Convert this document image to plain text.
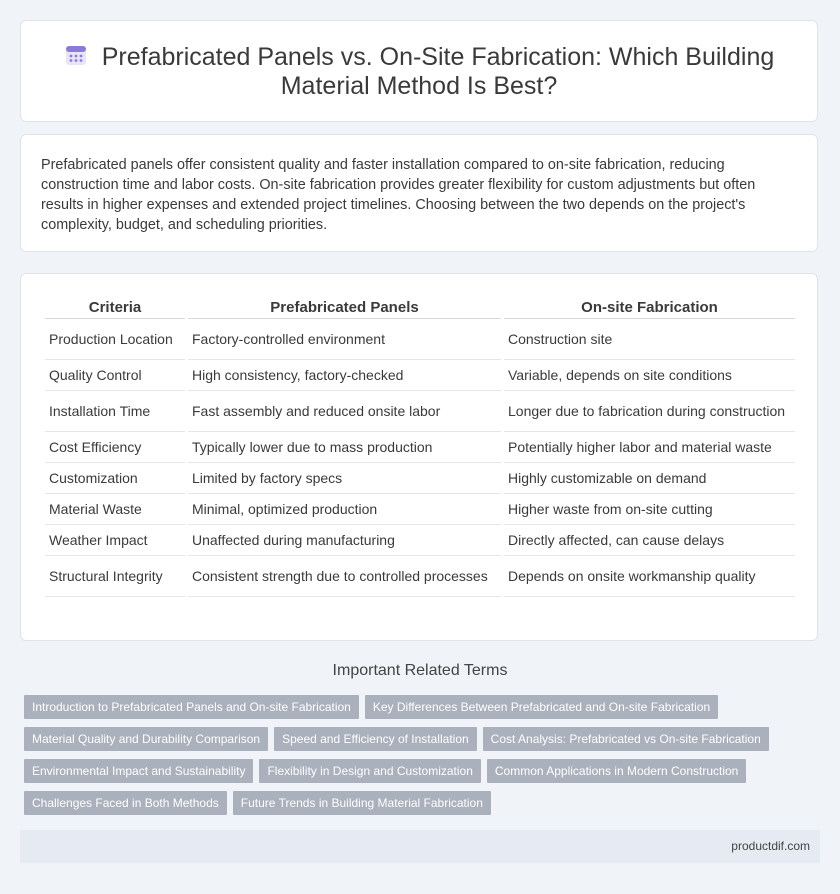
Prefabricated Panels vs. On-Site Fabrication: Which Building
Material Method Is Best?

Prefabricated panels offer consistent quality and faster installation compared to on-site fabrication, reducing construction time and labor costs. On-site fabrication provides greater flexibility for custom adjustments but often results in higher expenses and extended project timelines. Choosing between the two depends on the project's complexity, budget, and scheduling priorities.

Criteria	Prefabricated Panels	On-site Fabrication
Production Location	Factory-controlled environment	Construction site
Quality Control	High consistency, factory-checked	Variable, depends on site conditions
Installation Time	Fast assembly and reduced onsite labor	Longer due to fabrication during construction
Cost Efficiency	Typically lower due to mass production	Potentially higher labor and material waste
Customization	Limited by factory specs	Highly customizable on demand
Material Waste	Minimal, optimized production	Higher waste from on-site cutting
Weather Impact	Unaffected during manufacturing	Directly affected, can cause delays
Structural Integrity	Consistent strength due to controlled processes	Depends on onsite workmanship quality
Important Related Terms
Introduction to Prefabricated Panels and On-site Fabrication Key Differences Between Prefabricated and On-site Fabrication
Material Quality and Durability Comparison Speed and Efficiency of Installation Cost Analysis: Prefabricated vs On-site Fabrication
Environmental Impact and Sustainability Flexibility in Design and Customization Common Applications in Modern Construction
Challenges Faced in Both Methods Future Trends in Building Material Fabrication
productdif.com
